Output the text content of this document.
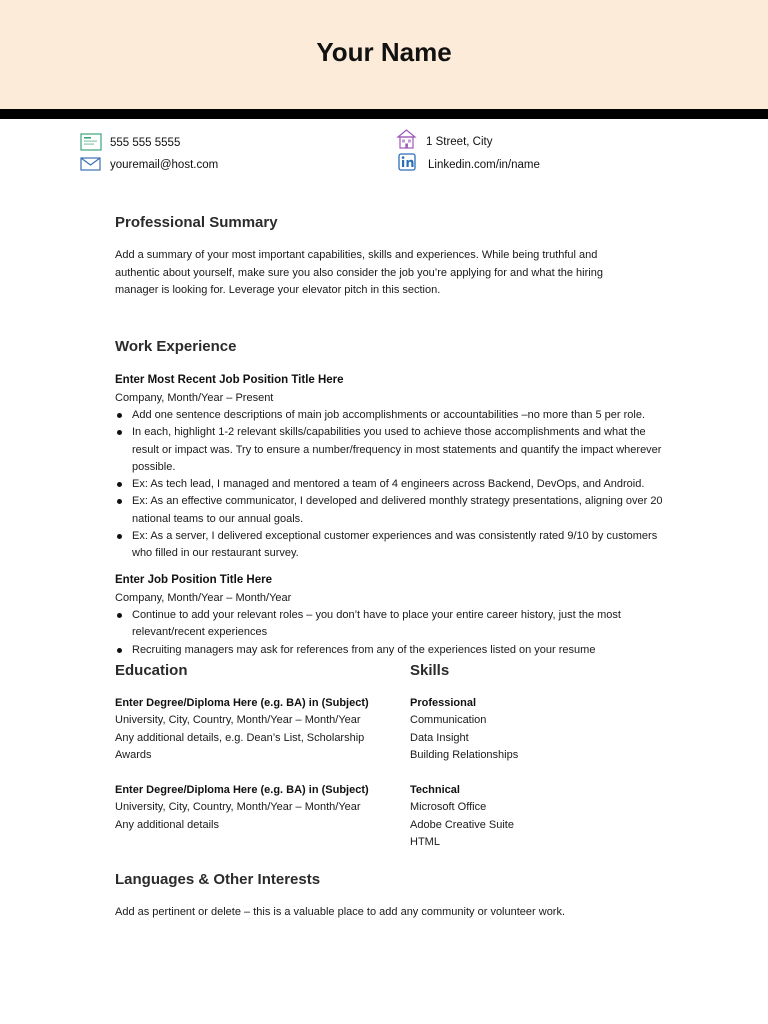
Your Name
555 555 5555
youremail@host.com
1 Street, City
Linkedin.com/in/name
Professional Summary
Add a summary of your most important capabilities, skills and experiences. While being truthful and
authentic about yourself, make sure you also consider the job you’re applying for and what the hiring
manager is looking for. Leverage your elevator pitch in this section.
Work Experience
Enter Most Recent Job Position Title Here
Company, Month/Year – Present
Add one sentence descriptions of main job accomplishments or accountabilities –no more than 5 per role.
In each, highlight 1-2 relevant skills/capabilities you used to achieve those accomplishments and what the result or impact was. Try to ensure a number/frequency in most statements and quantify the impact wherever possible.
Ex: As tech lead, I managed and mentored a team of 4 engineers across Backend, DevOps, and Android.
Ex: As an effective communicator, I developed and delivered monthly strategy presentations, aligning over 20 national teams to our annual goals.
Ex: As a server, I delivered exceptional customer experiences and was consistently rated 9/10 by customers who filled in our restaurant survey.
Enter Job Position Title Here
Company, Month/Year – Month/Year
Continue to add your relevant roles – you don’t have to place your entire career history, just the most relevant/recent experiences
Recruiting managers may ask for references from any of the experiences listed on your resume
Education
Enter Degree/Diploma Here (e.g. BA) in (Subject)
University, City, Country, Month/Year – Month/Year
Any additional details, e.g. Dean’s List, Scholarship
Awards
Enter Degree/Diploma Here (e.g. BA) in (Subject)
University, City, Country, Month/Year – Month/Year
Any additional details
Skills
Professional
Communication
Data Insight
Building Relationships
Technical
Microsoft Office
Adobe Creative Suite
HTML
Languages & Other Interests
Add as pertinent or delete – this is a valuable place to add any community or volunteer work.
